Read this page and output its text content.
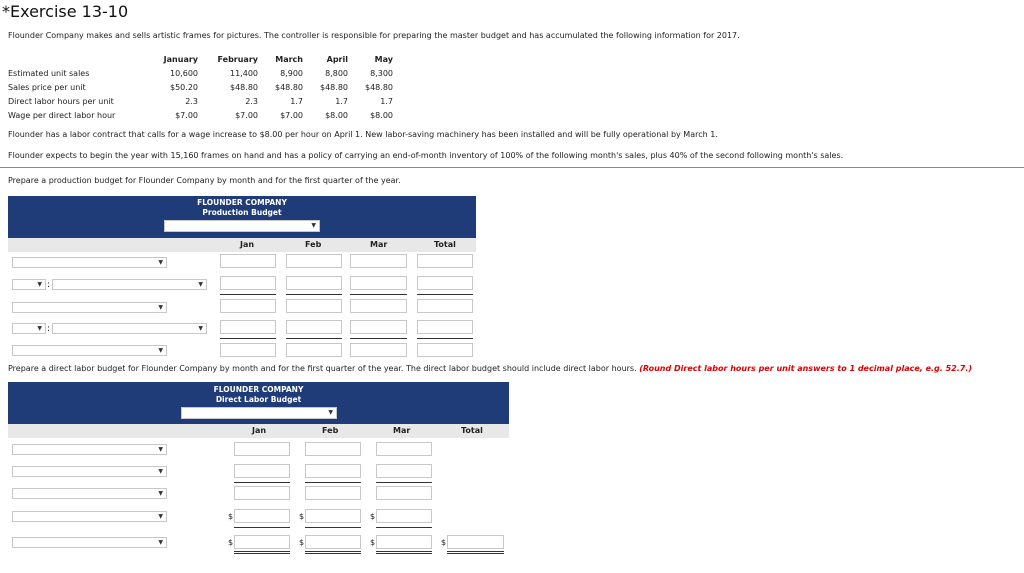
*Exercise 13-10
Flounder Company makes and sells artistic frames for pictures. The controller is responsible for preparing the master budget and has accumulated the following information for 2017.
	January	February	March	April	May
Estimated unit sales	10,600	11,400	8,900	8,800	8,300
Sales price per unit	$50.20	$48.80	$48.80	$48.80	$48.80
Direct labor hours per unit	2.3	2.3	1.7	1.7	1.7
Wage per direct labor hour	$7.00	$7.00	$7.00	$8.00	$8.00
Flounder has a labor contract that calls for a wage increase to $8.00 per hour on April 1. New labor-saving machinery has been installed and will be fully operational by March 1.
Flounder expects to begin the year with 15,160 frames on hand and has a policy of carrying an end-of-month inventory of 100% of the following month's sales, plus 40% of the second following month's sales.
Prepare a production budget for Flounder Company by month and for the first quarter of the year.
FLOUNDER COMPANY
Production Budget
▼
Jan	Feb	Mar	Total
▼
▼ :	▼
▼
▼ :	▼
▼
Prepare a direct labor budget for Flounder Company by month and for the first quarter of the year. The direct labor budget should include direct labor hours. (Round Direct labor hours per unit answers to 1 decimal place, e.g. 52.7.)
FLOUNDER COMPANY
Direct Labor Budget
▼
Jan	Feb	Mar	Total
▼
▼
▼
▼	$	$	$
▼	$	$	$	$
